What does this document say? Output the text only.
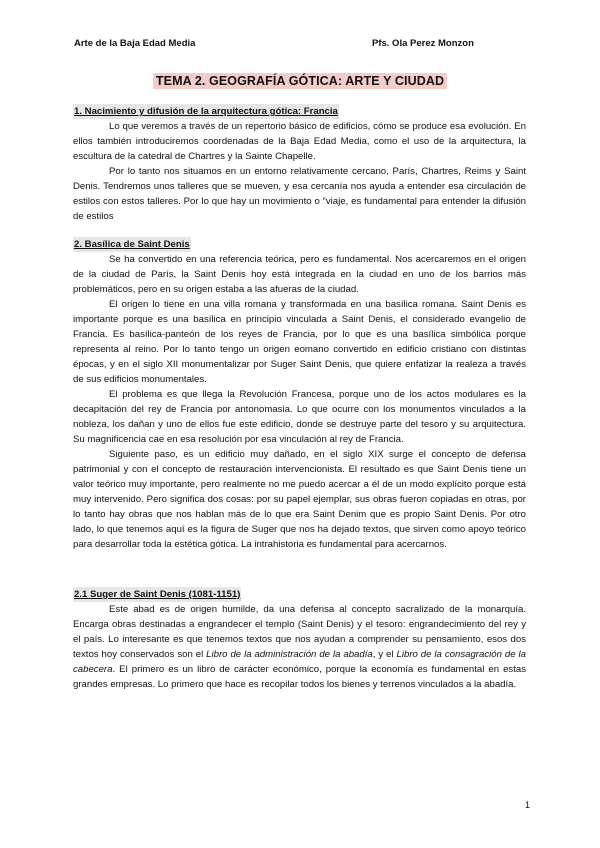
Arte de la Baja Edad Media	Pfs. Ola Perez Monzon
TEMA 2. GEOGRAFÍA GÓTICA: ARTE Y CIUDAD
1. Nacimiento y difusión de la arquitectura gótica: Francia

Lo que veremos a través de un repertorio básico de edificios, cómo se produce esa evolución. En ellos también introduciremos coordenadas de la Baja Edad Media, como el uso de la arquitectura, la escultura de la catedral de Chartres y la Sainte Chapelle.

Por lo tanto nos situamos en un entorno relativamente cercano, París, Chartres, Reims y Saint Denis. Tendremos unos talleres que se mueven, y esa cercanía nos ayuda a entender esa circulación de estilos con estos talleres. Por lo que hay un movimiento o “viaje, es fundamental para entender la difusión de estilos

2. Basílica de Saint Denis

Se ha convertido en una referencia teórica, pero es fundamental. Nos acercaremos en el origen de la ciudad de París, la Saint Denis hoy está integrada en la ciudad en uno de los barrios más problemáticos, pero en su origen estaba a las afueras de la ciudad.

El origen lo tiene en una villa romana y transformada en una basílica romana. Saint Denis es importante porque es una basílica en principio vinculada a Saint Denis, el considerado evangelio de Francia. Es basílica-panteón de los reyes de Francia, por lo que es una basílica simbólica porque representa al reino. Por lo tanto tengo un origen eomano convertido en edificio cristiano con distintas épocas, y en el siglo XII monumentalizar por Suger Saint Denis, que quiere enfatizar la realeza a través de sus edificios monumentales.

El problema es que llega la Revolución Francesa, porque uno de los actos modulares es la decapitación del rey de Francia por antonomasia. Lo que ocurre con los monumentos vinculados a la nobleza, los dañan y uno de ellos fue este edificio, donde se destruye parte del tesoro y su arquitectura. Su magnificencia cae en esa resolución por esa vinculación al rey de Francia.

Siguiente paso, es un edificio muy dañado, en el siglo XIX surge el concepto de defensa patrimonial y con el concepto de restauración intervencionista. El resultado es que Saint Denis tiene un valor teórico muy importante, pero realmente no me puedo acercar a él de un modo explícito porque está muy intervenido. Pero significa dos cosas: por su papel ejemplar, sus obras fueron copiadas en otras, por lo tanto hay obras que nos hablan más de lo que era Saint Denim que es propio Saint Denis. Por otro lado, lo que tenemos aquí es la figura de Suger que nos ha dejado textos, que sirven como apoyo teórico para desarrollar toda la estética gótica. La intrahistoria es fundamental para acercarnos.

2.1 Suger de Saint Denis (1081-1151)

Este abad es de origen humilde, da una defensa al concepto sacralizado de la monarquía. Encarga obras destinadas a engrandecer el templo (Saint Denis) y el tesoro: engrandecimiento del rey y el país. Lo interesante es que tenemos textos que nos ayudan a comprender su pensamiento, esos dos textos hoy conservados son el Libro de la administración de la abadía, y el Libro de la consagración de la cabecera. El primero es un libro de carácter económico, porque la economía es fundamental en estas grandes empresas. Lo primero que hace es recopilar todos los bienes y terrenos vinculados a la abadía.

1
